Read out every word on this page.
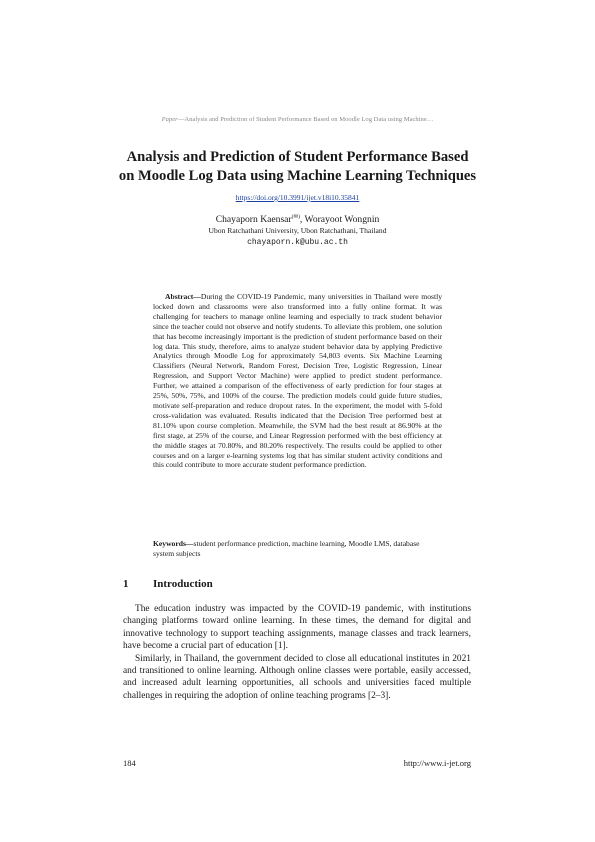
Paper—Analysis and Prediction of Student Performance Based on Moodle Log Data using Machine…
Analysis and Prediction of Student Performance Based
on Moodle Log Data using Machine Learning Techniques
https://doi.org/10.3991/ijet.v18i10.35841
Chayaporn Kaensar(✉), Worayoot Wongnin
Ubon Ratchathani University, Ubon Ratchathani, Thailand
chayaporn.k@ubu.ac.th
Abstract—During the COVID-19 Pandemic, many universities in Thailand were mostly locked down and classrooms were also transformed into a fully online format. It was challenging for teachers to manage online learning and especially to track student behavior since the teacher could not observe and notify students. To alleviate this problem, one solution that has become increasingly important is the prediction of student performance based on their log data. This study, therefore, aims to analyze student behavior data by applying Predictive Analytics through Moodle Log for approximately 54,803 events. Six Machine Learning Classifiers (Neural Network, Random Forest, Decision Tree, Logistic Regression, Linear Regression, and Support Vector Machine) were applied to predict student performance. Further, we attained a comparison of the effectiveness of early prediction for four stages at 25%, 50%, 75%, and 100% of the course. The prediction models could guide future studies, motivate self-preparation and reduce dropout rates. In the experiment, the model with 5-fold cross-validation was evaluated. Results indicated that the Decision Tree performed best at 81.10% upon course completion. Meanwhile, the SVM had the best result at 86.90% at the first stage, at 25% of the course, and Linear Regression performed with the best efficiency at the middle stages at 70.80%, and 80.20% respectively. The results could be applied to other courses and on a larger e-learning systems log that has similar student activity conditions and this could contribute to more accurate student performance prediction.
Keywords—student performance prediction, machine learning, Moodle LMS, database system subjects
1 Introduction

The education industry was impacted by the COVID-19 pandemic, with institutions changing platforms toward online learning. In these times, the demand for digital and innovative technology to support teaching assignments, manage classes and track learners, have become a crucial part of education [1].

Similarly, in Thailand, the government decided to close all educational institutes in 2021 and transitioned to online learning. Although online classes were portable, easily accessed, and increased adult learning opportunities, all schools and universities faced multiple challenges in requiring the adoption of online teaching programs [2–3].

184	http://www.i-jet.org
